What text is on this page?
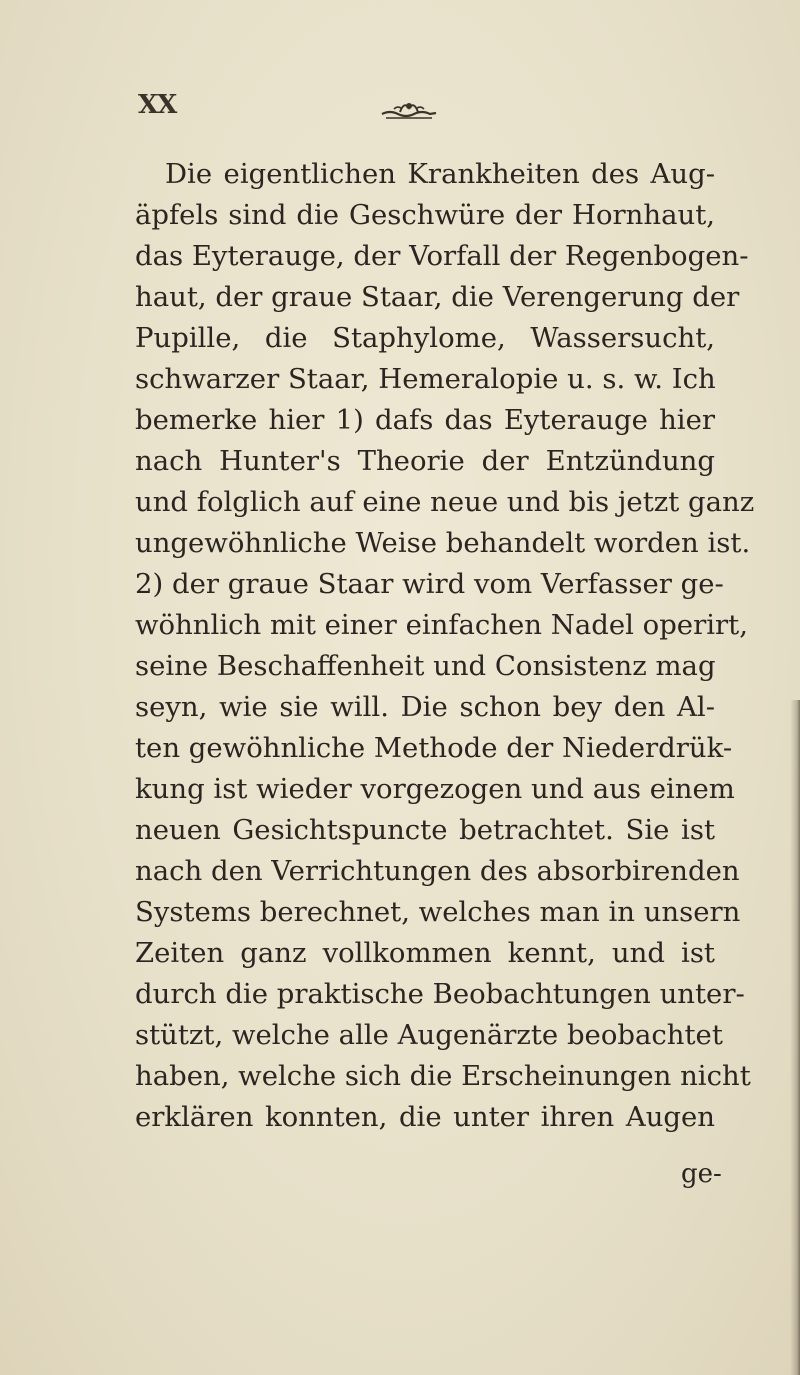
XX
Die eigentlichen Krankheiten des Aug-
äpfels sind die Geschwüre der Hornhaut,
das Eyterauge, der Vorfall der Regenbogen-
haut, der graue Staar, die Verengerung der
Pupille, die Staphylome, Wassersucht,
schwarzer Staar, Hemeralopie u. s. w. Ich
bemerke hier 1) dafs das Eyterauge hier
nach Hunter's Theorie der Entzündung
und folglich auf eine neue und bis jetzt ganz
ungewöhnliche Weise behandelt worden ist.
2) der graue Staar wird vom Verfasser ge-
wöhnlich mit einer einfachen Nadel operirt,
seine Beschaffenheit und Consistenz mag
seyn, wie sie will. Die schon bey den Al-
ten gewöhnliche Methode der Niederdrük-
kung ist wieder vorgezogen und aus einem
neuen Gesichtspuncte betrachtet. Sie ist
nach den Verrichtungen des absorbirenden
Systems berechnet, welches man in unsern
Zeiten ganz vollkommen kennt, und ist
durch die praktische Beobachtungen unter-
stützt, welche alle Augenärzte beobachtet
haben, welche sich die Erscheinungen nicht
erklären konnten, die unter ihren Augen
ge-
